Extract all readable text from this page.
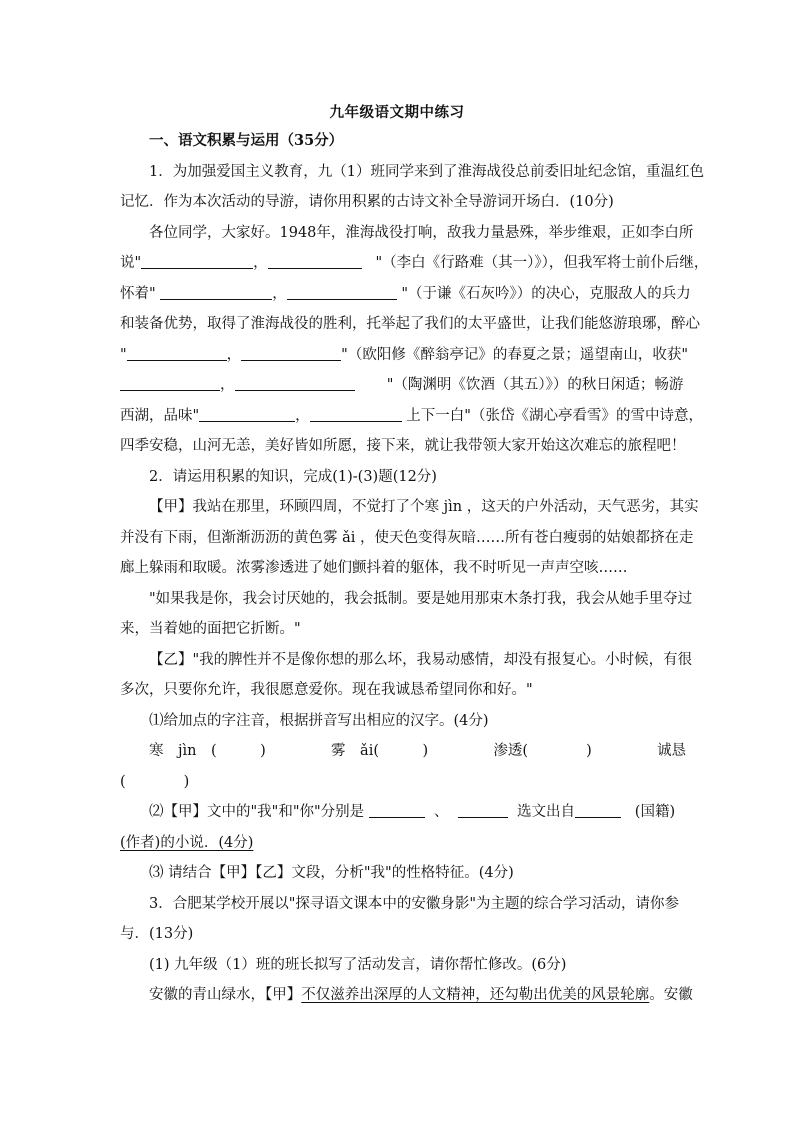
九年级语文期中练习
一、语文积累与运用（35分）
1．为加强爱国主义教育，九（1）班同学来到了淮海战役总前委旧址纪念馆，重温红色
记忆．作为本次活动的导游，请你用积累的古诗文补全导游词开场白．(10分)
各位同学，大家好。1948年，淮海战役打响，敌我力量悬殊，举步维艰，正如李白所
说"	，	"（李白《行路难（其一）》），但我军将士前仆后继，
怀着"	，	"（于谦《石灰吟》）的决心，克服敌人的兵力
和装备优势，取得了淮海战役的胜利，托举起了我们的太平盛世，让我们能悠游琅琊，醉心
"	，	"（欧阳修《醉翁亭记》的春夏之景；遥望南山，收获"
，	"（陶渊明《饮酒（其五）》）的秋日闲适；畅游
西湖，品味"	，	上下一白"（张岱《湖心亭看雪》的雪中诗意，
四季安稳，山河无恙，美好皆如所愿，接下来，就让我带领大家开始这次难忘的旅程吧！
2．请运用积累的知识，完成(1)-(3)题(12分)
【甲】我站在那里，环顾四周，不觉打了个寒 jìn ，这天的户外活动，天气恶劣，其实
并没有下雨，但渐渐沥沥的黄色雾 ǎi ，使天色变得灰暗……所有苍白瘦弱的姑娘都挤在走
廊上躲雨和取暖。浓雾渗透进了她们颤抖着的躯体，我不时听见一声声空咳……
"如果我是你，我会讨厌她的，我会抵制。要是她用那束木条打我，我会从她手里夺过
来，当着她的面把它折断。"
【乙】"我的脾性并不是像你想的那么坏，我易动感情，却没有报复心。小时候，有很
多次，只要你允许，我很愿意爱你。现在我诚恳希望同你和好。"
⑴给加点的字注音，根据拼音写出相应的汉字。(4分)
寒　jìn　(　　　)	雾　ǎi(　　　)	渗透(　　　　)	诚恳
(　　　　)
⑵【甲】文中的"我"和"你"分别是	、	选文出自	(国籍)
(作者)的小说．(4分)
⑶ 请结合【甲】【乙】文段，分析"我"的性格特征。(4分)
3．合肥某学校开展以"探寻语文课本中的安徽身影"为主题的综合学习活动，请你参
与．(13分)
(1) 九年级（1）班的班长拟写了活动发言，请你帮忙修改。(6分)
安徽的青山绿水，【甲】不仅滋养出深厚的人文精神，还勾勒出优美的风景轮廓。安徽
